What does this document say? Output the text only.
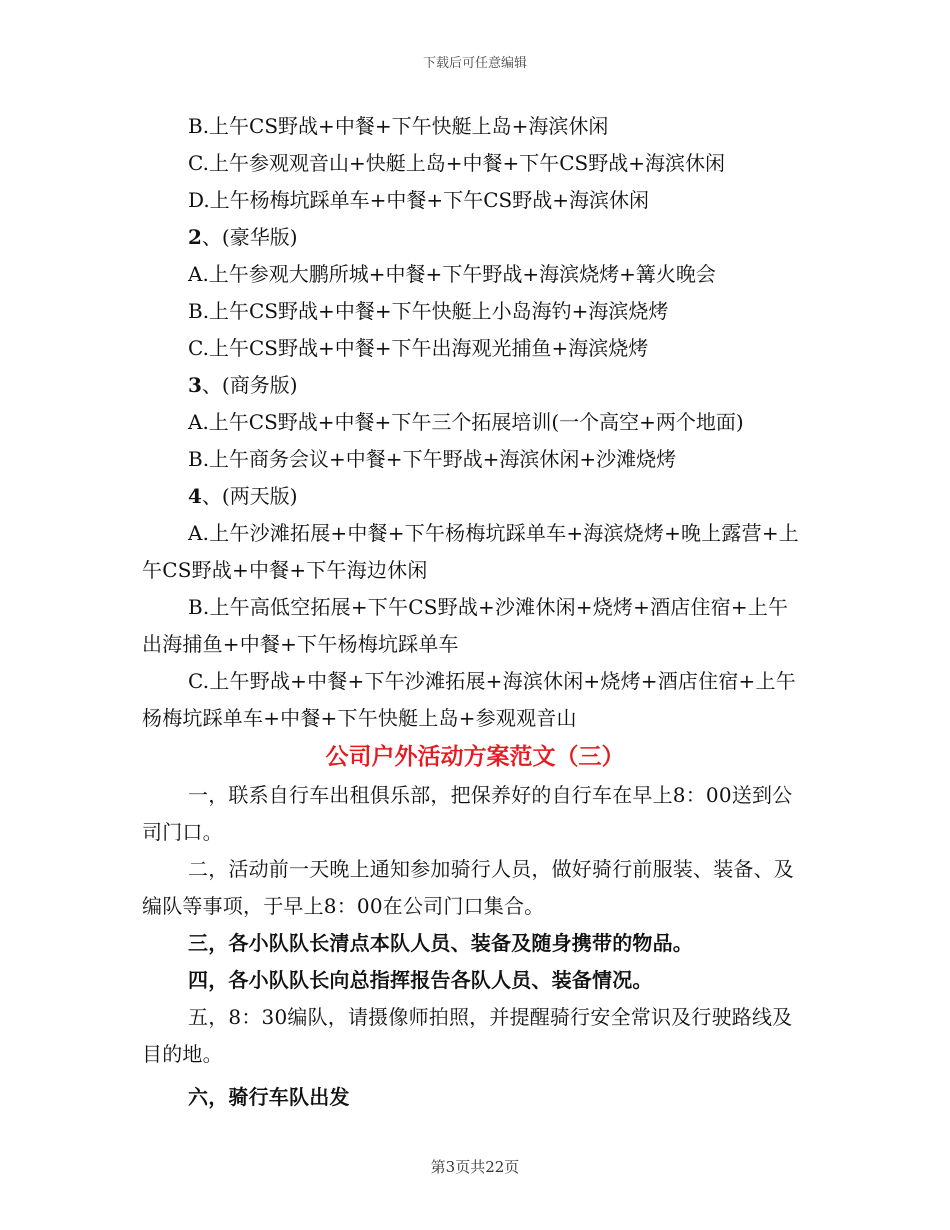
下载后可任意编辑

B.上午CS野战+中餐+下午快艇上岛+海滨休闲

C.上午参观观音山+快艇上岛+中餐+下午CS野战+海滨休闲

D.上午杨梅坑踩单车+中餐+下午CS野战+海滨休闲

2、(豪华版)

A.上午参观大鹏所城+中餐+下午野战+海滨烧烤+篝火晚会

B.上午CS野战+中餐+下午快艇上小岛海钓+海滨烧烤

C.上午CS野战+中餐+下午出海观光捕鱼+海滨烧烤

3、(商务版)

A.上午CS野战+中餐+下午三个拓展培训(一个高空+两个地面)

B.上午商务会议+中餐+下午野战+海滨休闲+沙滩烧烤

4、(两天版)

A.上午沙滩拓展+中餐+下午杨梅坑踩单车+海滨烧烤+晚上露营+上午CS野战+中餐+下午海边休闲

B.上午高低空拓展+下午CS野战+沙滩休闲+烧烤+酒店住宿+上午出海捕鱼+中餐+下午杨梅坑踩单车

C.上午野战+中餐+下午沙滩拓展+海滨休闲+烧烤+酒店住宿+上午杨梅坑踩单车+中餐+下午快艇上岛+参观观音山

公司户外活动方案范文（三）

一，联系自行车出租俱乐部，把保养好的自行车在早上8：00送到公司门口。

二，活动前一天晚上通知参加骑行人员，做好骑行前服装、装备、及编队等事项，于早上8：00在公司门口集合。

三，各小队队长清点本队人员、装备及随身携带的物品。

四，各小队队长向总指挥报告各队人员、装备情况。

五，8：30编队，请摄像师拍照，并提醒骑行安全常识及行驶路线及目的地。

六，骑行车队出发

第3页共22页
